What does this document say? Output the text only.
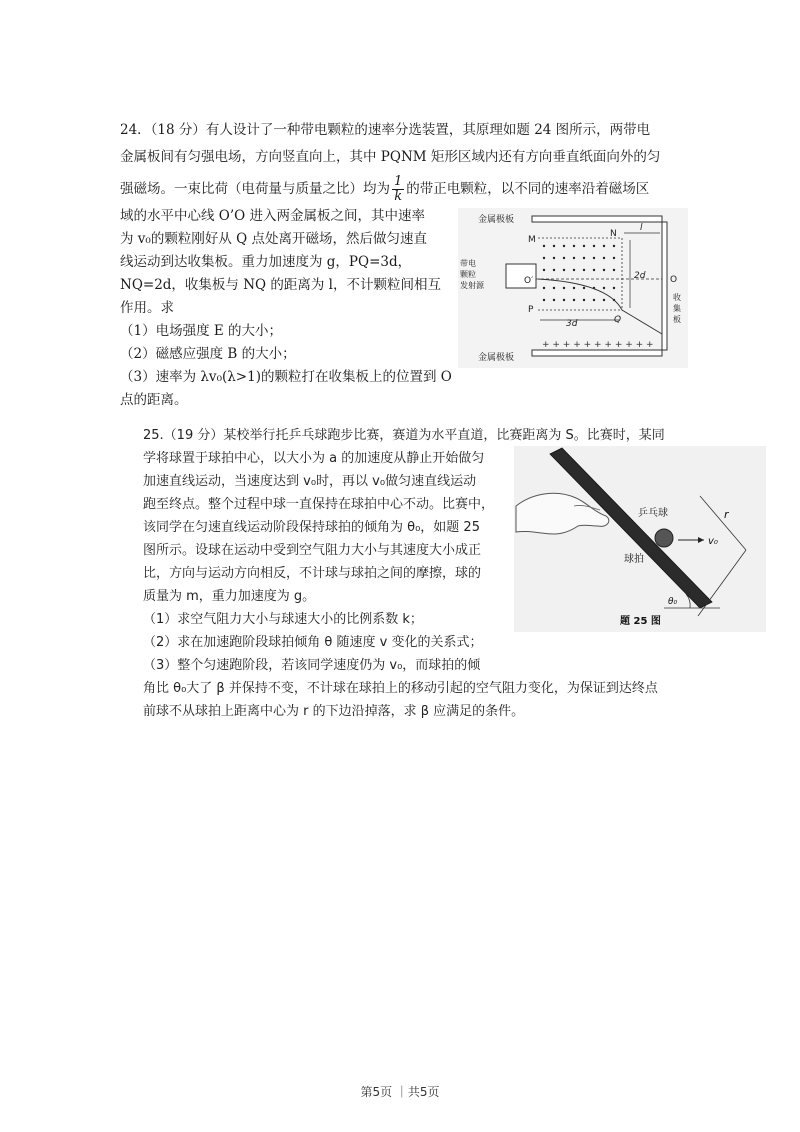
24．（18 分）有人设计了一种带电颗粒的速率分选装置，其原理如题 24 图所示，两带电
金属板间有匀强电场，方向竖直向上，其中 PQNM 矩形区域内还有方向垂直纸面向外的匀
强磁场。一束比荷（电荷量与质量之比）均为 $\frac{1}{k}$ 的带正电颗粒，以不同的速率沿着磁场区
域的水平中心线 O’O 进入两金属板之间，其中速率
为 v₀的颗粒刚好从 Q 点处离开磁场，然后做匀速直
线运动到达收集板。重力加速度为 g，PQ=3d，
NQ=2d，收集板与 NQ 的距离为 l，不计颗粒间相互
作用。求
（1）电场强度 E 的大小；
（2）磁感应强度 B 的大小；
（3）速率为 λv₀(λ>1)的颗粒打在收集板上的位置到 O
点的距离。
金属极板
金属极板
+ + + + + + + + + + +
收
集
板
带电
颗粒
发射源
M
N
O′	O
P
Q
2d
3d
l
25.（19 分）某校举行托乒乓球跑步比赛，赛道为水平直道，比赛距离为 S。比赛时，某同
学将球置于球拍中心，以大小为 a 的加速度从静止开始做匀
加速直线运动，当速度达到 v₀时，再以 v₀做匀速直线运动
跑至终点。整个过程中球一直保持在球拍中心不动。比赛中，
该同学在匀速直线运动阶段保持球拍的倾角为 θ₀，如题 25
图所示。设球在运动中受到空气阻力大小与其速度大小成正
比，方向与运动方向相反，不计球与球拍之间的摩擦，球的
质量为 m，重力加速度为 g。
（1）求空气阻力大小与球速大小的比例系数 k；
（2）求在加速跑阶段球拍倾角 θ 随速度 v 变化的关系式；
（3）整个匀速跑阶段，若该同学速度仍为 v₀，而球拍的倾
角比 θ₀大了 β 并保持不变，不计球在球拍上的移动引起的空气阻力变化，为保证到达终点
前球不从球拍上距离中心为 r 的下边沿掉落，求 β 应满足的条件。
乒乓球
球拍
r
v₀
θ₀
题 25 图
第5页 ｜共5页
